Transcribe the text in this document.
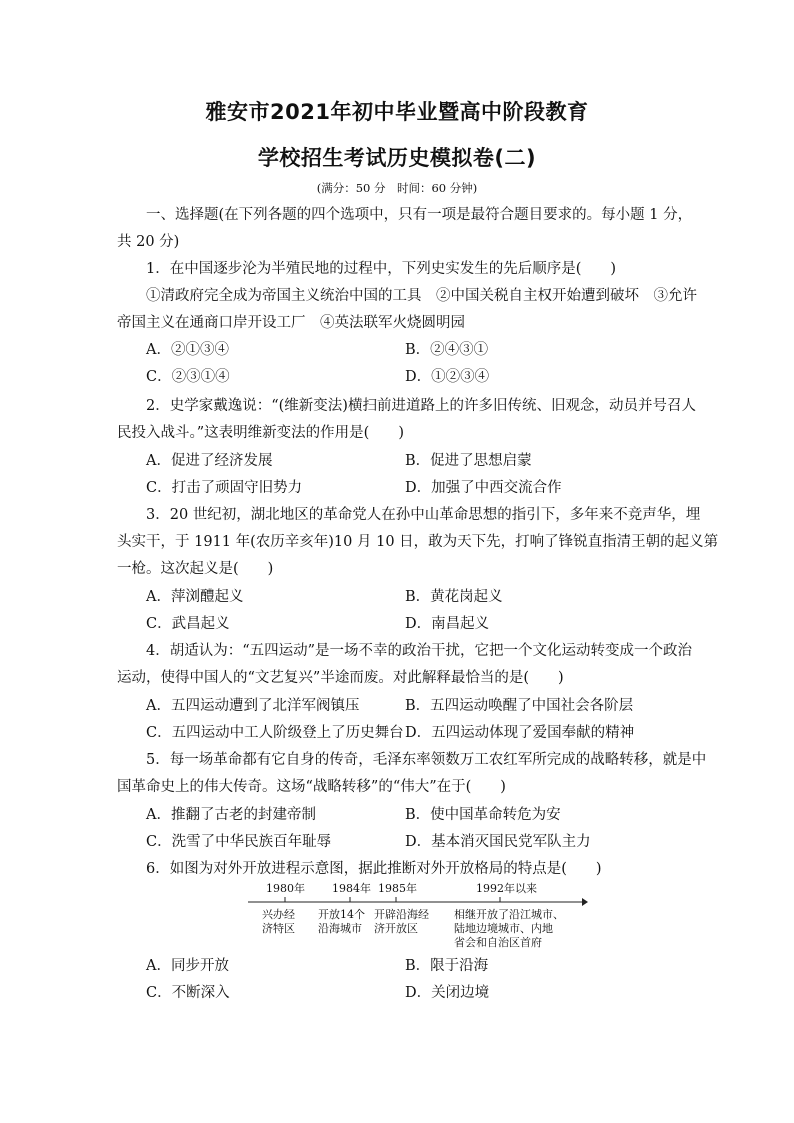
雅安市2021年初中毕业暨高中阶段教育
学校招生考试历史模拟卷(二)
(满分：50 分　时间：60 分钟)
一、选择题(在下列各题的四个选项中，只有一项是最符合题目要求的。每小题 1 分，
共 20 分)
1．在中国逐步沦为半殖民地的过程中，下列史实发生的先后顺序是(　　)
①清政府完全成为帝国主义统治中国的工具　②中国关税自主权开始遭到破坏　③允许
帝国主义在通商口岸开设工厂　④英法联军火烧圆明园
A．②①③④	B．②④③①
C．②③①④	D．①②③④
2．史学家戴逸说：“(维新变法)横扫前进道路上的许多旧传统、旧观念，动员并号召人
民投入战斗。”这表明维新变法的作用是(　　)
A．促进了经济发展	B．促进了思想启蒙
C．打击了顽固守旧势力	D．加强了中西交流合作
3．20 世纪初，湖北地区的革命党人在孙中山革命思想的指引下，多年来不竞声华，埋
头实干，于 1911 年(农历辛亥年)10 月 10 日，敢为天下先，打响了锋锐直指清王朝的起义第
一枪。这次起义是(　　)
A．萍浏醴起义	B．黄花岗起义
C．武昌起义	D．南昌起义
4．胡适认为：“五四运动”是一场不幸的政治干扰，它把一个文化运动转变成一个政治
运动，使得中国人的“文艺复兴”半途而废。对此解释最恰当的是(　　)
A．五四运动遭到了北洋军阀镇压	B．五四运动唤醒了中国社会各阶层
C．五四运动中工人阶级登上了历史舞台 D．五四运动体现了爱国奉献的精神
5．每一场革命都有它自身的传奇，毛泽东率领数万工农红军所完成的战略转移，就是中
国革命史上的伟大传奇。这场“战略转移”的“伟大”在于(　　)
A．推翻了古老的封建帝制	B．使中国革命转危为安
C．洗雪了中华民族百年耻辱	D．基本消灭国民党军队主力
6．如图为对外开放进程示意图，据此推断对外开放格局的特点是(　　)
1980年 1984年 1985年	1992年以来
兴办经
济特区
开放14个
沿海城市
开辟沿海经
济开放区
相继开放了沿江城市、
陆地边境城市、内地
省会和自治区首府
A．同步开放	B．限于沿海
C．不断深入	D．关闭边境
